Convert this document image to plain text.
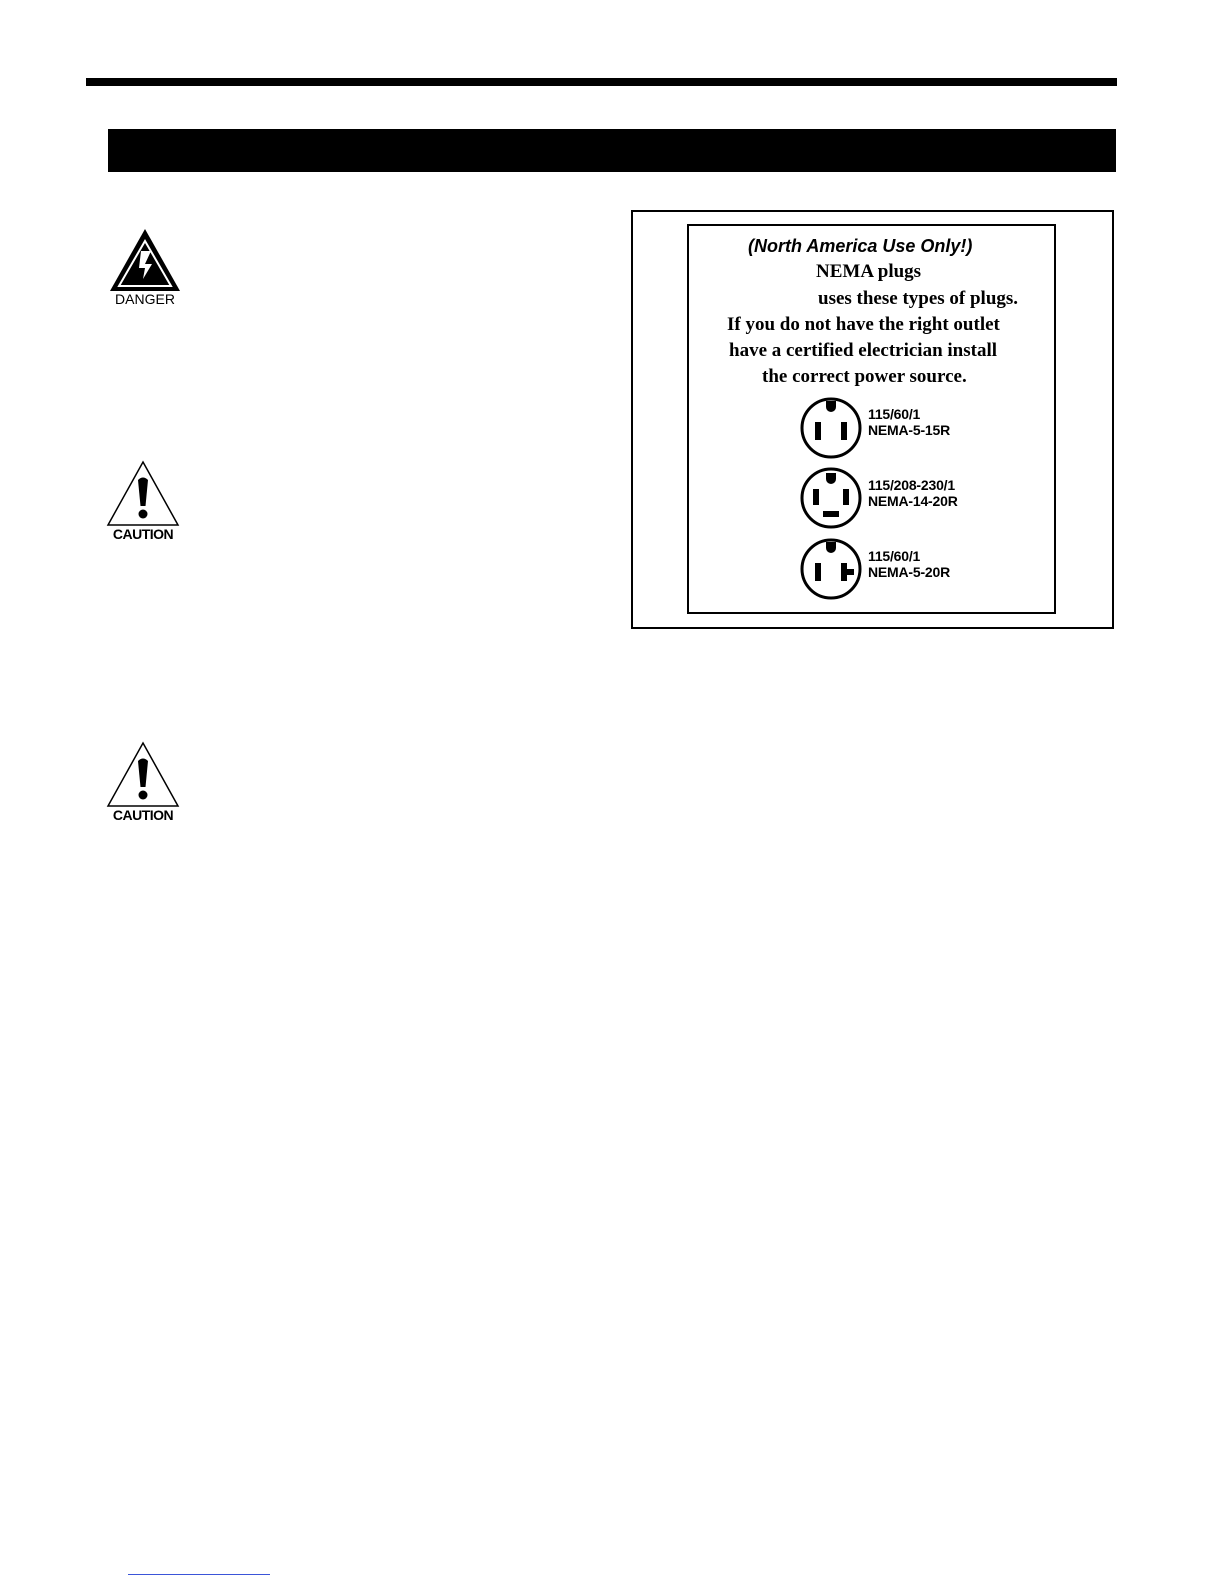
DANGER
CAUTION
CAUTION
(North America Use Only!)
NEMA plugs
uses these types of plugs.
If you do not have the right outlet
have a certified electrician install
the correct power source.
115/60/1
NEMA-5-15R
115/208-230/1
NEMA-14-20R
115/60/1
NEMA-5-20R
